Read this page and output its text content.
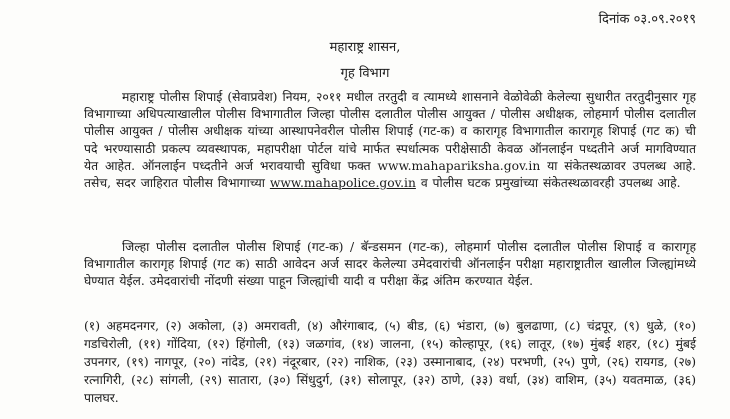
दिनांक ०३.०९.२०१९
महाराष्ट्र शासन,
गृह विभाग

महाराष्ट्र पोलीस शिपाई (सेवाप्रवेश) नियम, २०११ मधील तरतुदी व त्यामध्ये शासनाने वेळोवेळी केलेल्या सुधारीत तरतुदीनुसार गृह विभागाच्या अधिपत्याखालील पोलीस विभागातील जिल्हा पोलीस दलातील पोलीस आयुक्त / पोलीस अधीक्षक, लोहमार्ग पोलीस दलातील पोलीस आयुक्त / पोलीस अधीक्षक यांच्या आस्थापनेवरील पोलीस शिपाई (गट-क) व कारागृह विभागातील कारागृह शिपाई (गट क) ची पदे भरण्यासाठी प्रकल्प व्यवस्थापक, महापरीक्षा पोर्टल यांचे मार्फत स्पर्धात्मक परीक्षेसाठी केवळ ऑनलाईन पध्दतीने अर्ज मागविण्यात येत आहेत. ऑनलाईन पध्दतीने अर्ज भरावयाची सुविधा फक्त www.mahapariksha.gov.in या संकेतस्थळावर उपलब्ध आहे. तसेच, सदर जाहिरात पोलीस विभागाच्या www.mahapolice.gov.in व पोलीस घटक प्रमुखांच्या संकेतस्थळावरही उपलब्ध आहे.

जिल्हा पोलीस दलातील पोलीस शिपाई (गट-क) / बॅन्डसमन (गट-क), लोहमार्ग पोलीस दलातील पोलीस शिपाई व कारागृह विभागातील कारागृह शिपाई (गट क) साठी आवेदन अर्ज सादर केलेल्या उमेदवारांची ऑनलाईन परीक्षा महाराष्ट्रातील खालील जिल्ह्यांमध्ये घेण्यात येईल. उमेदवारांची नोंदणी संख्या पाहून जिल्ह्यांची यादी व परीक्षा केंद्र अंतिम करण्यात येईल.

(१) अहमदनगर, (२) अकोला, (३) अमरावती, (४) औरंगाबाद, (५) बीड, (६) भंडारा, (७) बुलढाणा, (८) चंद्रपूर, (९) धुळे, (१०) गडचिरोली, (११) गोंदिया, (१२) हिंगोली, (१३) जळगांव, (१४) जालना, (१५) कोल्हापूर, (१६) लातूर, (१७) मुंबई शहर, (१८) मुंबई उपनगर, (१९) नागपूर, (२०) नांदेड, (२१) नंदूरबार, (२२) नाशिक, (२३) उस्मानाबाद, (२४) परभणी, (२५) पुणे, (२६) रायगड, (२७) रत्नागिरी, (२८) सांगली, (२९) सातारा, (३०) सिंधुदुर्ग, (३१) सोलापूर, (३२) ठाणे, (३३) वर्धा, (३४) वाशिम, (३५) यवतमाळ, (३६) पालघर.
